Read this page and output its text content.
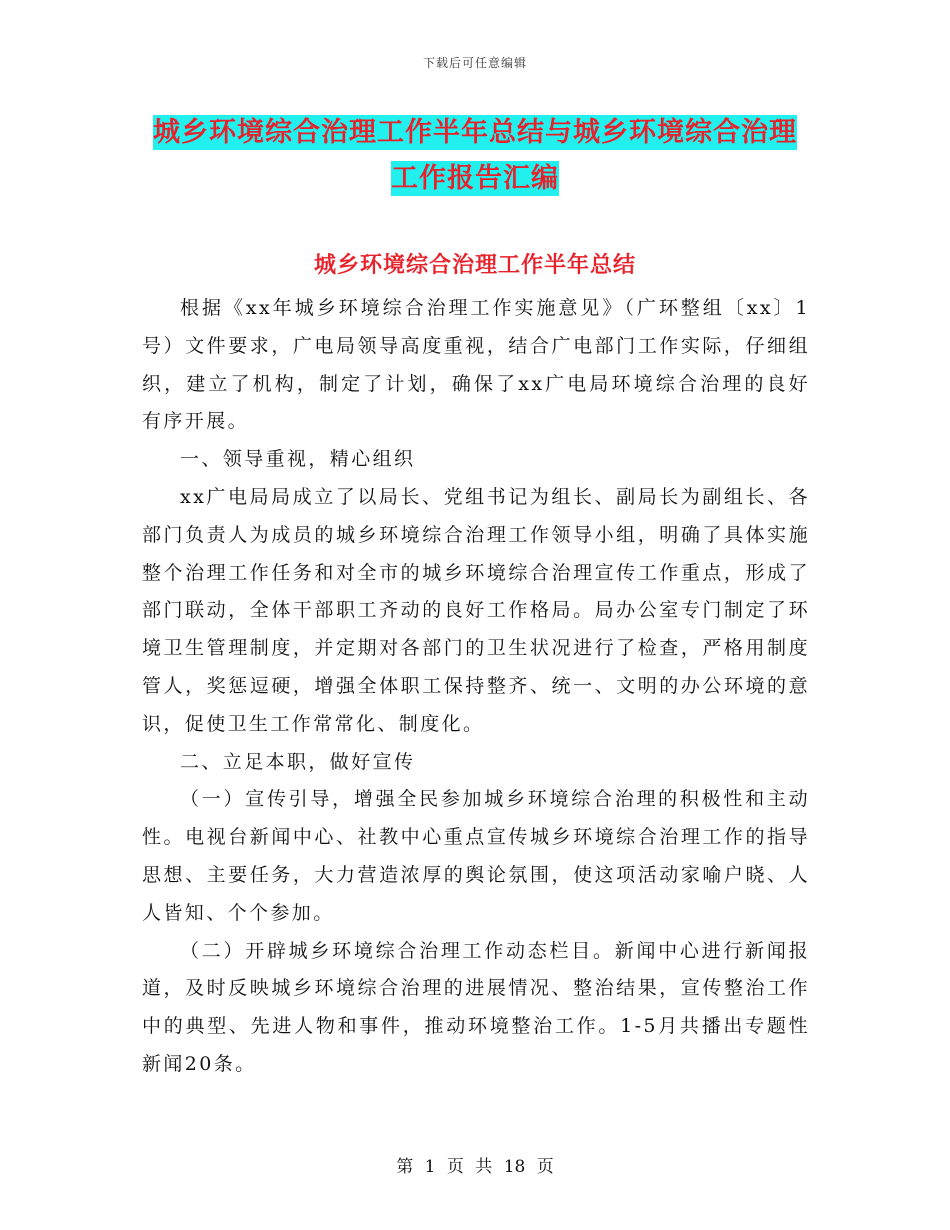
下载后可任意编辑
城乡环境综合治理工作半年总结与城乡环境综合治理
工作报告汇编
城乡环境综合治理工作半年总结

根据《xx年城乡环境综合治理工作实施意见》（广环整组〔xx〕1号）文件要求，广电局领导高度重视，结合广电部门工作实际，仔细组织，建立了机构，制定了计划，确保了xx广电局环境综合治理的良好有序开展。

一、领导重视，精心组织

xx广电局局成立了以局长、党组书记为组长、副局长为副组长、各部门负责人为成员的城乡环境综合治理工作领导小组，明确了具体实施整个治理工作任务和对全市的城乡环境综合治理宣传工作重点，形成了部门联动，全体干部职工齐动的良好工作格局。局办公室专门制定了环境卫生管理制度，并定期对各部门的卫生状况进行了检查，严格用制度管人，奖惩逗硬，增强全体职工保持整齐、统一、文明的办公环境的意识，促使卫生工作常常化、制度化。

二、立足本职，做好宣传

（一）宣传引导，增强全民参加城乡环境综合治理的积极性和主动性。电视台新闻中心、社教中心重点宣传城乡环境综合治理工作的指导思想、主要任务，大力营造浓厚的舆论氛围，使这项活动家喻户晓、人人皆知、个个参加。

（二）开辟城乡环境综合治理工作动态栏目。新闻中心进行新闻报道，及时反映城乡环境综合治理的进展情况、整治结果，宣传整治工作中的典型、先进人物和事件，推动环境整治工作。1-5月共播出专题性新闻20条。

第 1 页 共 18 页
